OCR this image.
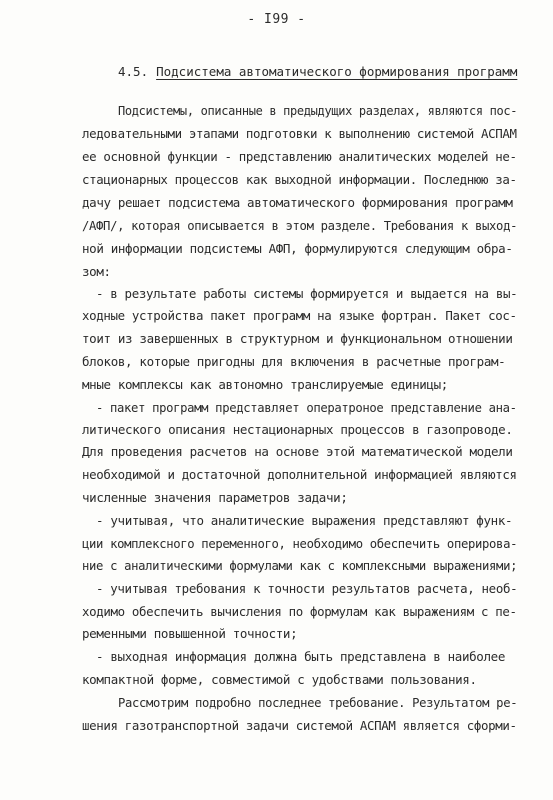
- I99 -
4.5. Подсистема автоматического формирования программ
Подсистемы, описанные в предыдущих разделах, являются пос-
ледовательными этапами подготовки к выполнению системой АСПАМ
ее основной функции - представлению аналитических моделей не-
стационарных процессов как выходной информации. Последнюю за-
дачу решает подсистема автоматического формирования программ
/АФП/, которая описывается в этом разделе. Требования к выход-
ной информации подсистемы АФП, формулируются следующим обра-
зом:
- в результате работы системы формируется и выдается на вы-
ходные устройства пакет программ на языке фортран. Пакет сос-
тоит из завершенных в структурном и функциональном отношении
блоков, которые пригодны для включения в расчетные програм-
мные комплексы как автономно транслируемые единицы;
- пакет программ представляет оператроное представление ана-
литического описания нестационарных процессов в газопроводе.
Для проведения расчетов на основе этой математической модели
необходимой и достаточной дополнительной информацией являются
численные значения параметров задачи;
- учитывая, что аналитические выражения представляют функ-
ции комплексного переменного, необходимо обеспечить оперирова-
ние с аналитическими формулами как с комплексными выражениями;
- учитывая требования к точности результатов расчета, необ-
ходимо обеспечить вычисления по формулам как выражениям с пе-
ременными повышенной точности;
- выходная информация должна быть представлена в наиболее
компактной форме, совместимой с удобствами пользования.
Рассмотрим подробно последнее требование. Результатом ре-
шения газотранспортной задачи системой АСПАМ является сформи-
